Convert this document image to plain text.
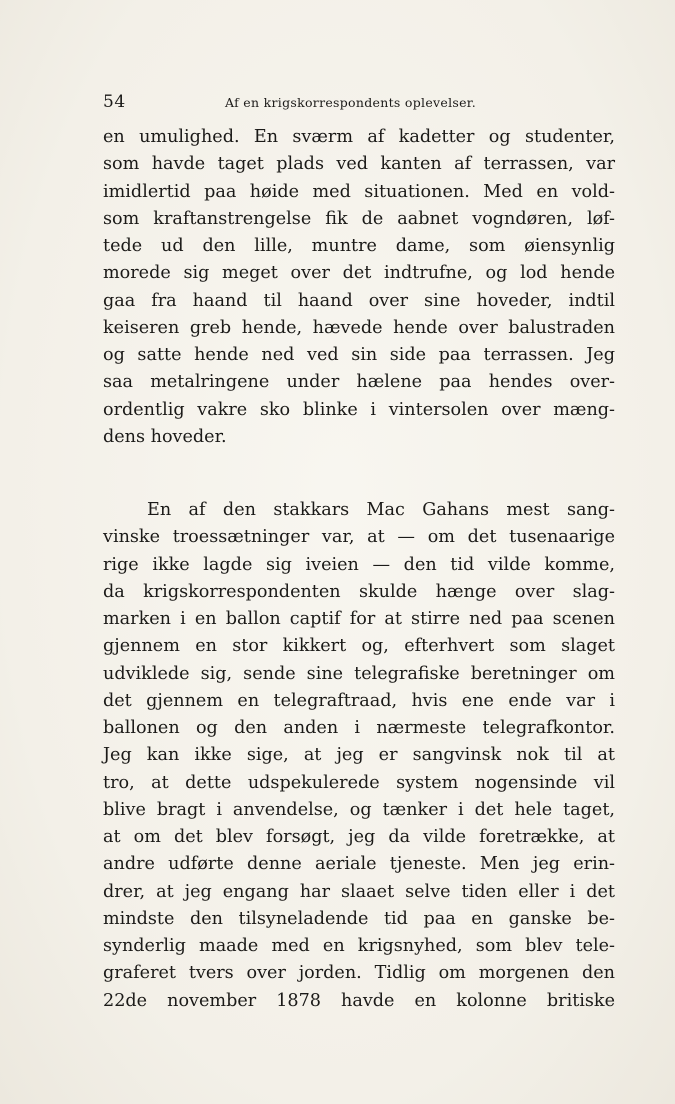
54	Af en krigskorrespondents oplevelser.
en umulighed. En sværm af kadetter og studenter,
som havde taget plads ved kanten af terrassen, var
imidlertid paa høide med situationen. Med en vold-
som kraftanstrengelse fik de aabnet vogndøren, løf-
tede ud den lille, muntre dame, som øiensynlig
morede sig meget over det indtrufne, og lod hende
gaa fra haand til haand over sine hoveder, indtil
keiseren greb hende, hævede hende over balustraden
og satte hende ned ved sin side paa terrassen. Jeg
saa metalringene under hælene paa hendes over-
ordentlig vakre sko blinke i vintersolen over mæng-
dens hoveder.
En af den stakkars Mac Gahans mest sang-
vinske troessætninger var, at — om det tusenaarige
rige ikke lagde sig iveien — den tid vilde komme,
da krigskorrespondenten skulde hænge over slag-
marken i en ballon captif for at stirre ned paa scenen
gjennem en stor kikkert og, efterhvert som slaget
udviklede sig, sende sine telegrafiske beretninger om
det gjennem en telegraftraad, hvis ene ende var i
ballonen og den anden i nærmeste telegrafkontor.
Jeg kan ikke sige, at jeg er sangvinsk nok til at
tro, at dette udspekulerede system nogensinde vil
blive bragt i anvendelse, og tænker i det hele taget,
at om det blev forsøgt, jeg da vilde foretrække, at
andre udførte denne aeriale tjeneste. Men jeg erin-
drer, at jeg engang har slaaet selve tiden eller i det
mindste den tilsyneladende tid paa en ganske be-
synderlig maade med en krigsnyhed, som blev tele-
graferet tvers over jorden. Tidlig om morgenen den
22de november 1878 havde en kolonne britiske
